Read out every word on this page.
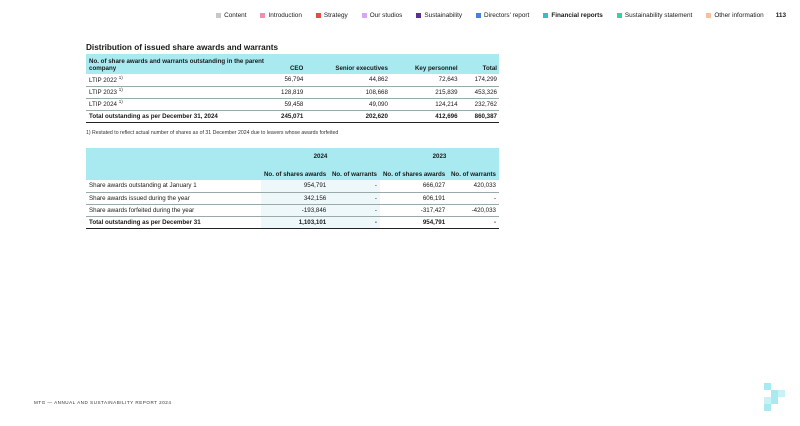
Content	Introduction	Strategy	Our studios	Sustainability	Directors' report	Financial reports	Sustainability statement	Other information 113
Distribution of issued share awards and warrants
No. of share awards and warrants outstanding in the parent company	CEO	Senior executives	Key personnel	Total
LTIP 2022 $^{1)}$	56,794	44,862	72,643	174,299
LTIP 2023 $^{1)}$	128,819	108,668	215,839	453,326
LTIP 2024 $^{1)}$	59,458	49,090	124,214	232,762
Total outstanding as per December 31, 2024	245,071	202,620	412,696	860,387

1) Restated to reflect actual number of shares as of 31 December 2024 due to leavers whose awards forfeited

	2024		2023	
	No. of shares awards	No. of warrants	No. of shares awards	No. of warrants
Share awards outstanding at January 1	954,791	-	666,027	420,033
Share awards issued during the year	342,156	-	606,191	-
Share awards forfeited during the year	-193,846	-	-317,427	-420,033
Total outstanding as per December 31	1,103,101	-	954,791	-
MTG — ANNUAL AND SUSTAINABILITY REPORT 2024
